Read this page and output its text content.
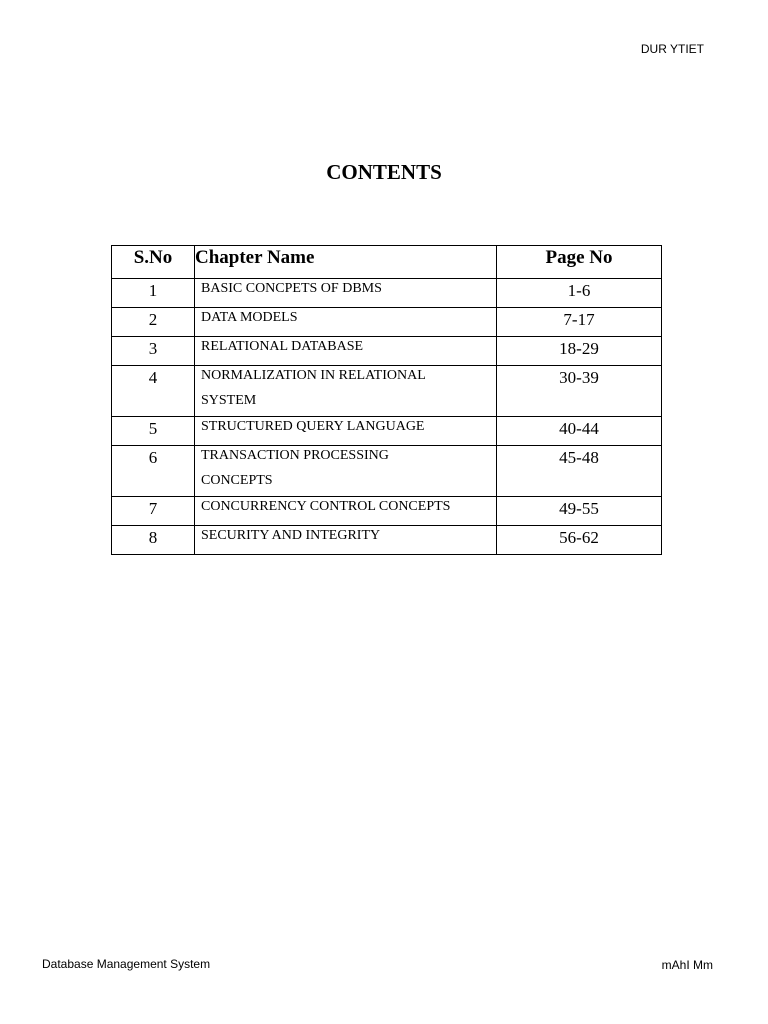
DUR YTIET
CONTENTS
S.No	Chapter Name	Page No
1	BASIC CONCPETS OF DBMS	1-6
2	DATA MODELS	7-17
3	RELATIONAL DATABASE	18-29
4	NORMALIZATION IN RELATIONAL SYSTEM	30-39
5	STRUCTURED QUERY LANGUAGE	40-44
6	TRANSACTION PROCESSING CONCEPTS	45-48
7	CONCURRENCY CONTROL CONCEPTS	49-55
8	SECURITY AND INTEGRITY	56-62
Database Management System	mAhI Mm
